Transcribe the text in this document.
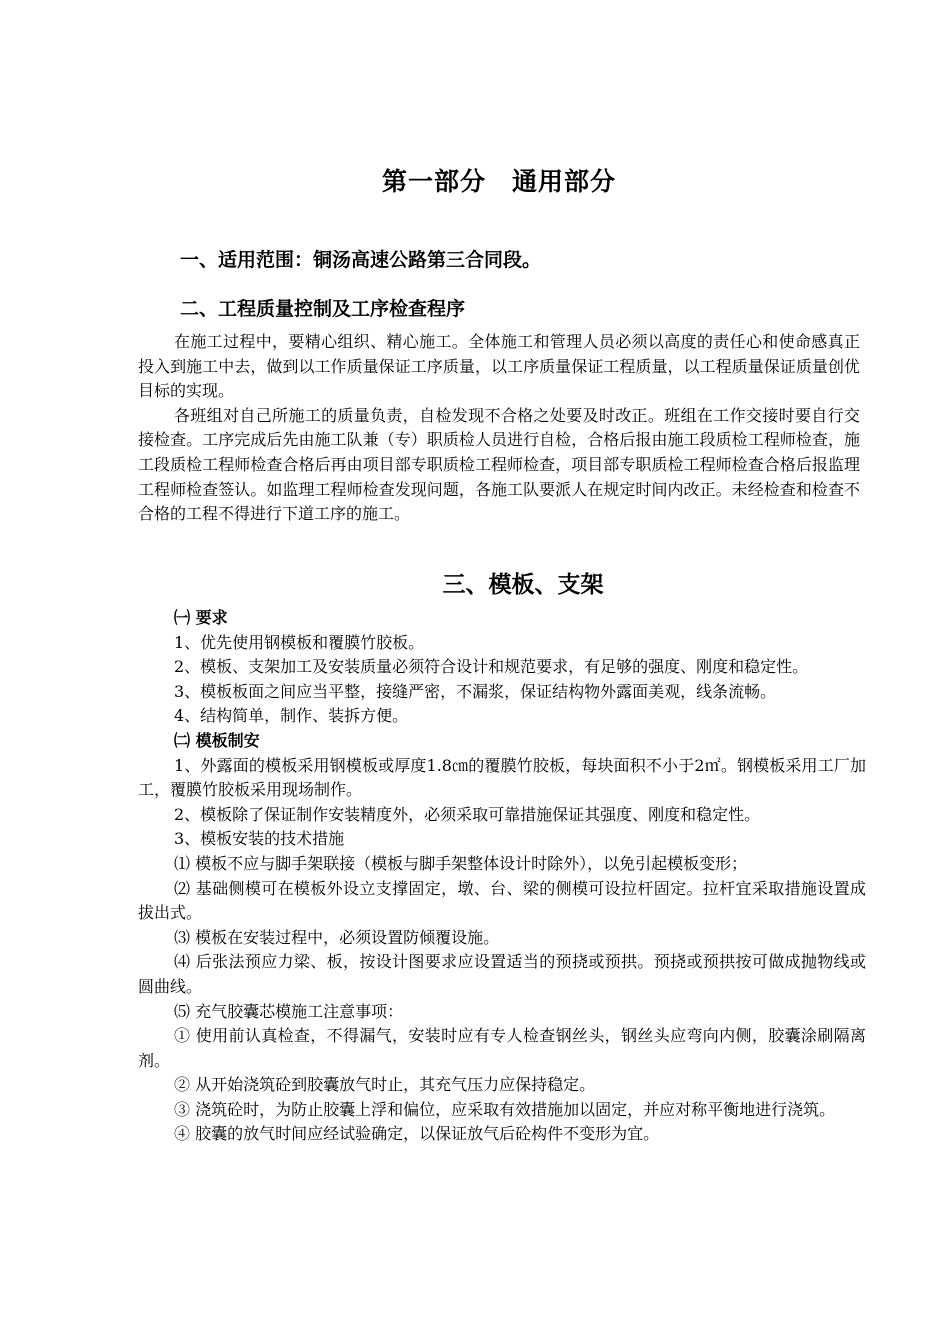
第一部分　通用部分
一、适用范围：铜汤高速公路第三合同段。
二、工程质量控制及工序检查程序

在施工过程中，要精心组织、精心施工。全体施工和管理人员必须以高度的责任心和使命感真正投入到施工中去，做到以工作质量保证工序质量，以工序质量保证工程质量，以工程质量保证质量创优目标的实现。

各班组对自己所施工的质量负责，自检发现不合格之处要及时改正。班组在工作交接时要自行交接检查。工序完成后先由施工队兼（专）职质检人员进行自检，合格后报由施工段质检工程师检查，施工段质检工程师检查合格后再由项目部专职质检工程师检查，项目部专职质检工程师检查合格后报监理工程师检查签认。如监理工程师检查发现问题，各施工队要派人在规定时间内改正。未经检查和检查不合格的工程不得进行下道工序的施工。

三、模板、支架

㈠ 要求

1、优先使用钢模板和覆膜竹胶板。

2、模板、支架加工及安装质量必须符合设计和规范要求，有足够的强度、刚度和稳定性。

3、模板板面之间应当平整，接缝严密，不漏浆，保证结构物外露面美观，线条流畅。

4、结构简单，制作、装拆方便。

㈡ 模板制安

1、外露面的模板采用钢模板或厚度1.8㎝的覆膜竹胶板，每块面积不小于2㎡。钢模板采用工厂加工，覆膜竹胶板采用现场制作。

2、模板除了保证制作安装精度外，必须采取可靠措施保证其强度、刚度和稳定性。

3、模板安装的技术措施

⑴ 模板不应与脚手架联接（模板与脚手架整体设计时除外），以免引起模板变形；

⑵ 基础侧模可在模板外设立支撑固定，墩、台、梁的侧模可设拉杆固定。拉杆宜采取措施设置成拔出式。

⑶ 模板在安装过程中，必须设置防倾覆设施。

⑷ 后张法预应力梁、板，按设计图要求应设置适当的预挠或预拱。预挠或预拱按可做成抛物线或圆曲线。

⑸ 充气胶囊芯模施工注意事项：

① 使用前认真检查，不得漏气，安装时应有专人检查钢丝头，钢丝头应弯向内侧，胶囊涂刷隔离剂。

② 从开始浇筑砼到胶囊放气时止，其充气压力应保持稳定。

③ 浇筑砼时，为防止胶囊上浮和偏位，应采取有效措施加以固定，并应对称平衡地进行浇筑。

④ 胶囊的放气时间应经试验确定，以保证放气后砼构件不变形为宜。
